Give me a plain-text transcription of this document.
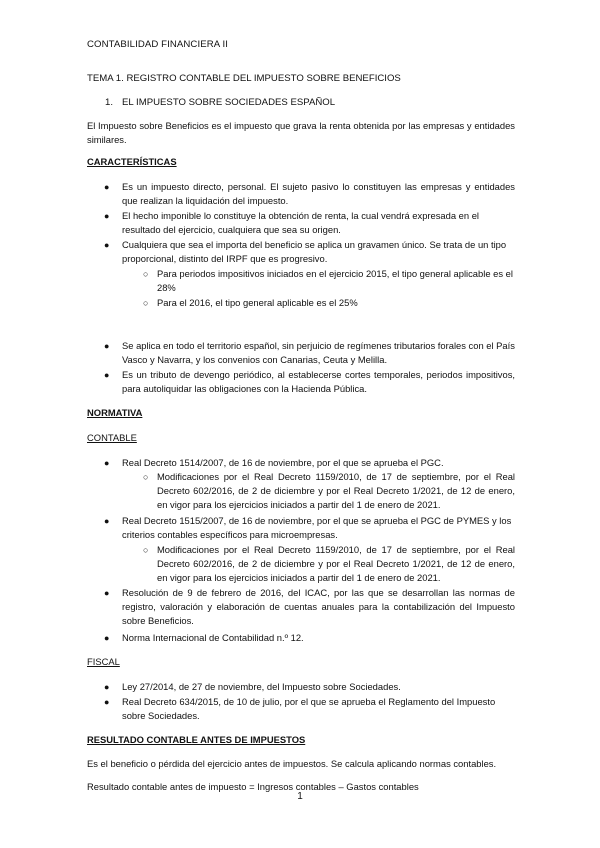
CONTABILIDAD FINANCIERA II
TEMA 1. REGISTRO CONTABLE DEL IMPUESTO SOBRE BENEFICIOS
1. EL IMPUESTO SOBRE SOCIEDADES ESPAÑOL
El Impuesto sobre Beneficios es el impuesto que grava la renta obtenida por las empresas y entidades similares.
CARACTERÍSTICAS
● Es un impuesto directo, personal. El sujeto pasivo lo constituyen las empresas y entidades que realizan la liquidación del impuesto.
● El hecho imponible lo constituye la obtención de renta, la cual vendrá expresada en el resultado del ejercicio, cualquiera que sea su origen.
● Cualquiera que sea el importa del beneficio se aplica un gravamen único. Se trata de un tipo proporcional, distinto del IRPF que es progresivo.
○ Para periodos impositivos iniciados en el ejercicio 2015, el tipo general aplicable es el 28%
○ Para el 2016, el tipo general aplicable es el 25%
● Se aplica en todo el territorio español, sin perjuicio de regímenes tributarios forales con el País Vasco y Navarra, y los convenios con Canarias, Ceuta y Melilla.
● Es un tributo de devengo periódico, al establecerse cortes temporales, periodos impositivos, para autoliquidar las obligaciones con la Hacienda Pública.
NORMATIVA
CONTABLE
● Real Decreto 1514/2007, de 16 de noviembre, por el que se aprueba el PGC.
○ Modificaciones por el Real Decreto 1159/2010, de 17 de septiembre, por el Real Decreto 602/2016, de 2 de diciembre y por el Real Decreto 1/2021, de 12 de enero, en vigor para los ejercicios iniciados a partir del 1 de enero de 2021.
● Real Decreto 1515/2007, de 16 de noviembre, por el que se aprueba el PGC de PYMES y los criterios contables específicos para microempresas.
○ Modificaciones por el Real Decreto 1159/2010, de 17 de septiembre, por el Real Decreto 602/2016, de 2 de diciembre y por el Real Decreto 1/2021, de 12 de enero, en vigor para los ejercicios iniciados a partir del 1 de enero de 2021.
● Resolución de 9 de febrero de 2016, del ICAC, por las que se desarrollan las normas de registro, valoración y elaboración de cuentas anuales para la contabilización del Impuesto sobre Beneficios.
● Norma Internacional de Contabilidad n.º 12.
FISCAL
● Ley 27/2014, de 27 de noviembre, del Impuesto sobre Sociedades.
● Real Decreto 634/2015, de 10 de julio, por el que se aprueba el Reglamento del Impuesto sobre Sociedades.
RESULTADO CONTABLE ANTES DE IMPUESTOS
Es el beneficio o pérdida del ejercicio antes de impuestos. Se calcula aplicando normas contables.
Resultado contable antes de impuesto = Ingresos contables – Gastos contables
1
